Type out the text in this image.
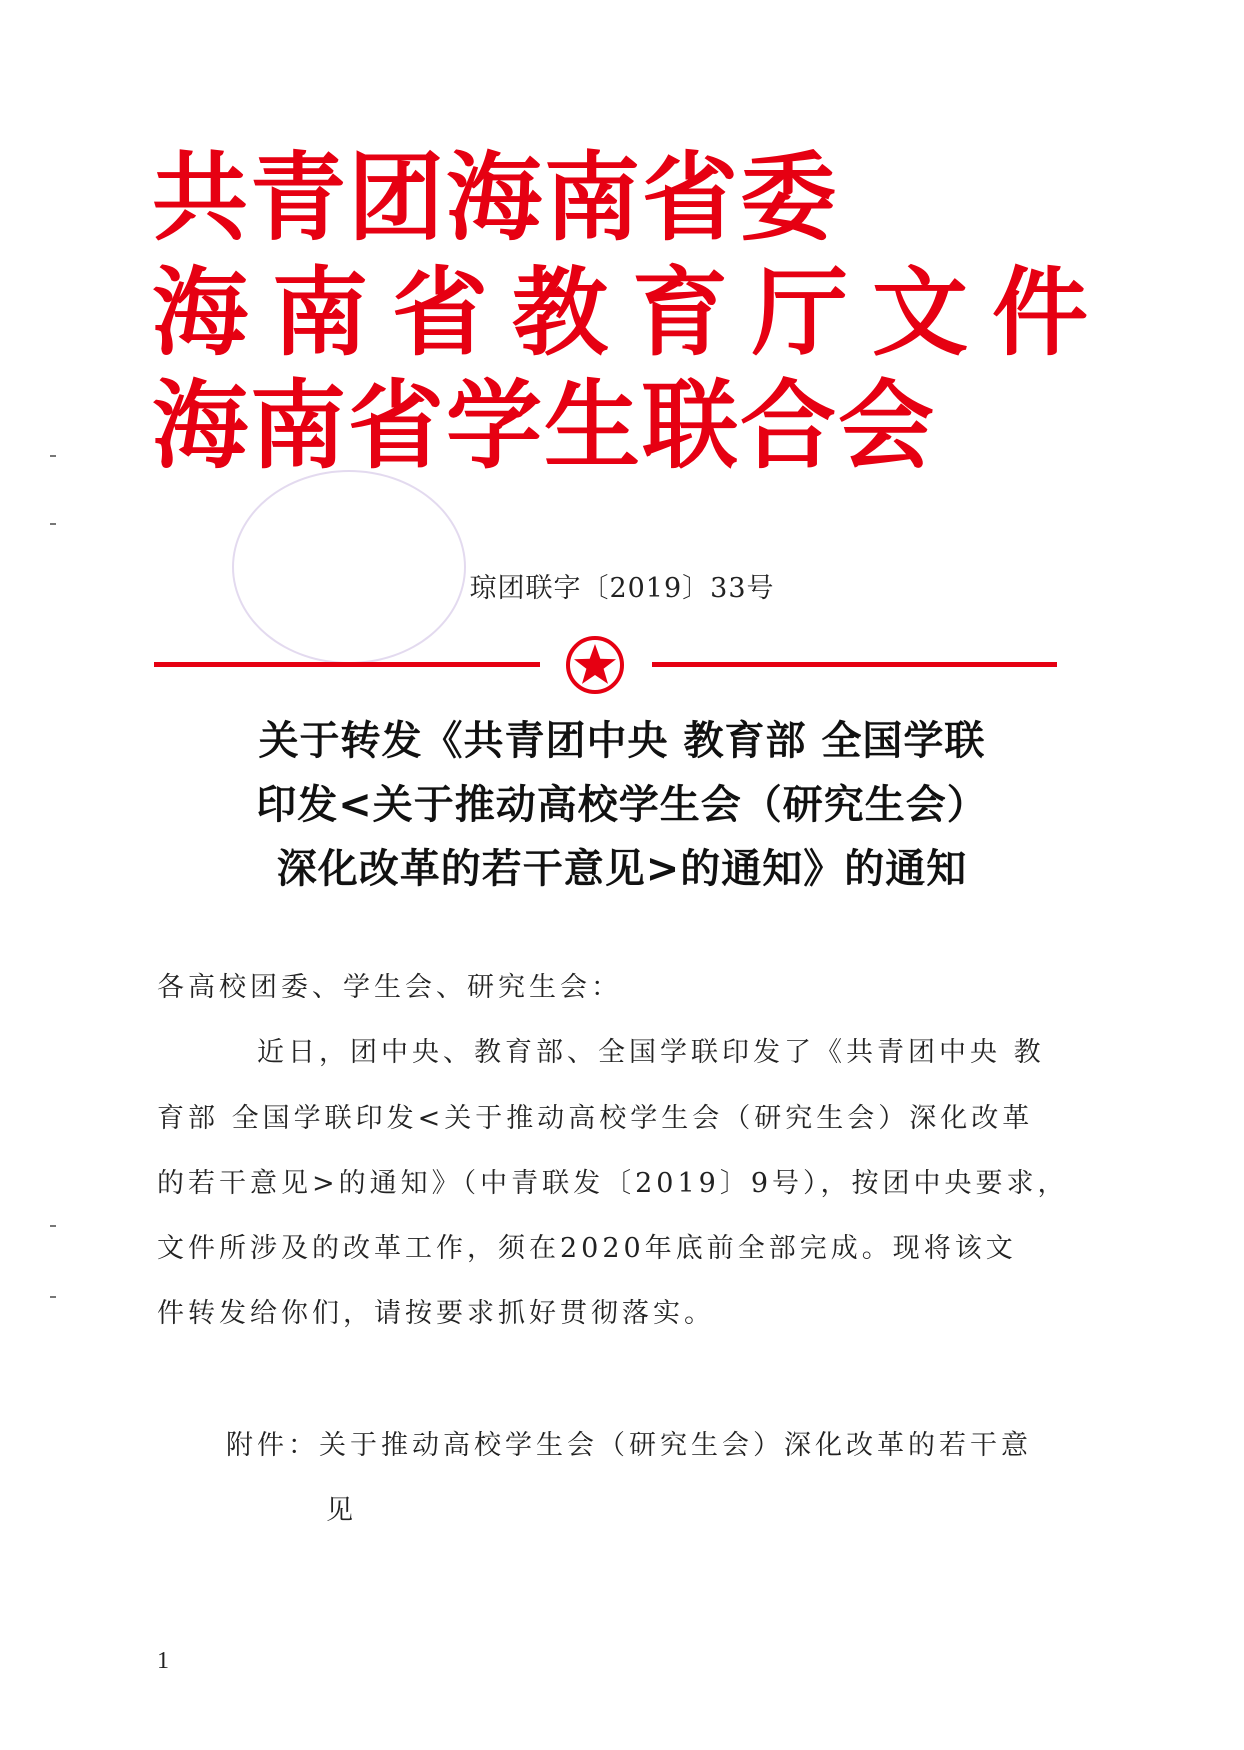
共青团海南省委
海南省教育厅文件
海南省学生联合会
琼团联字〔2019〕33号
关于转发《共青团中央 教育部 全国学联
印发<关于推动高校学生会（研究生会）
深化改革的若干意见>的通知》的通知
各高校团委、学生会、研究生会：
近日，团中央、教育部、全国学联印发了《共青团中央 教
育部 全国学联印发<关于推动高校学生会（研究生会）深化改革
的若干意见>的通知》（中青联发〔2019〕9号），按团中央要求，
文件所涉及的改革工作，须在2020年底前全部完成。现将该文
件转发给你们，请按要求抓好贯彻落实。
附件：关于推动高校学生会（研究生会）深化改革的若干意
见
1
